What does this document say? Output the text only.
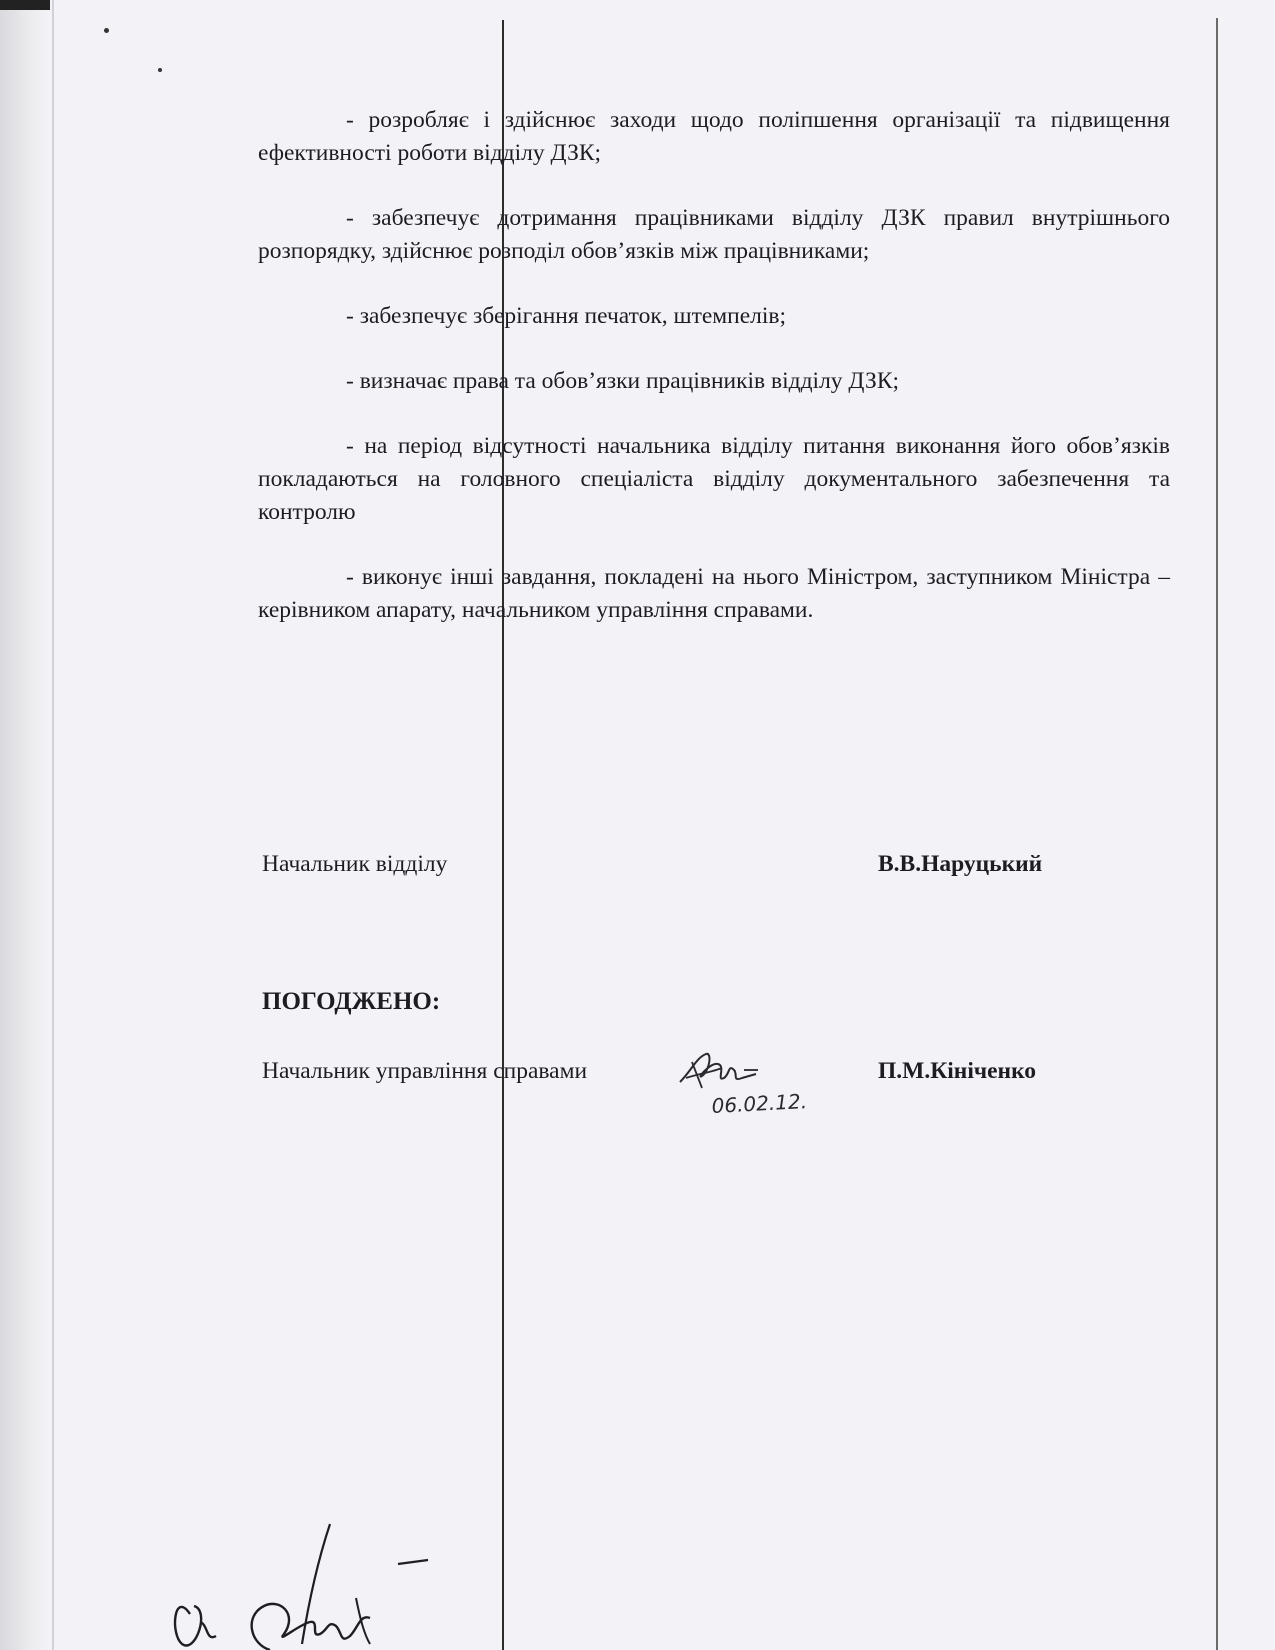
- розробляє і здійснює заходи щодо поліпшення організації та підвищення ефективності роботи відділу ДЗК;

- забезпечує дотримання працівниками відділу ДЗК правил внутрішнього розпорядку, здійснює розподіл обов’язків між працівниками;

- забезпечує зберігання печаток, штемпелів;

- визначає права та обов’язки працівників відділу ДЗК;

- на період відсутності начальника відділу питання виконання його обов’язків покладаються на головного спеціаліста відділу документального забезпечення та контролю

- виконує інші завдання, покладені на нього Міністром, заступником Міністра – керівником апарату, начальником управління справами.

Начальник відділу	В.В.Наруцький
ПОГОДЖЕНО:
Начальник управління справами	П.М.Кініченко
06.02.12.
